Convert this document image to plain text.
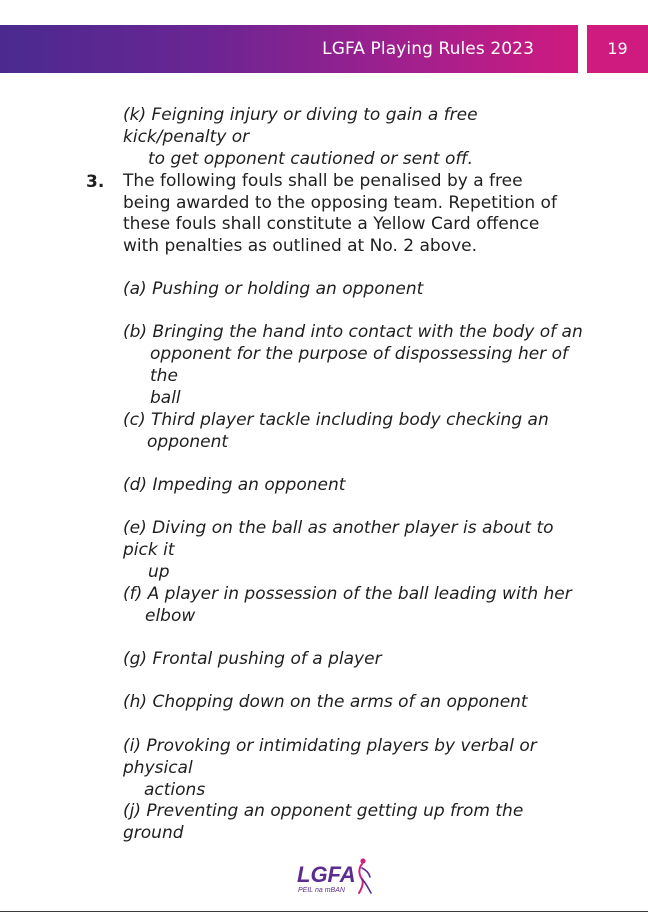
LGFA Playing Rules 2023	19
(k) Feigning injury or diving to gain a free kick/penalty or
to get opponent cautioned or sent off.
3. The following fouls shall be penalised by a free being awarded to the opposing team. Repetition of these fouls shall constitute a Yellow Card offence with penalties as outlined at No. 2 above.
(a) Pushing or holding an opponent
(b) Bringing the hand into contact with the body of an
opponent for the purpose of dispossessing her of the
ball
(c) Third player tackle including body checking an
opponent
(d) Impeding an opponent
(e) Diving on the ball as another player is about to pick it
up
(f) A player in possession of the ball leading with her
elbow
(g) Frontal pushing of a player
(h) Chopping down on the arms of an opponent
(i) Provoking or intimidating players by verbal or physical
actions
(j) Preventing an opponent getting up from the ground
LGFA
PEIL na mBAN
